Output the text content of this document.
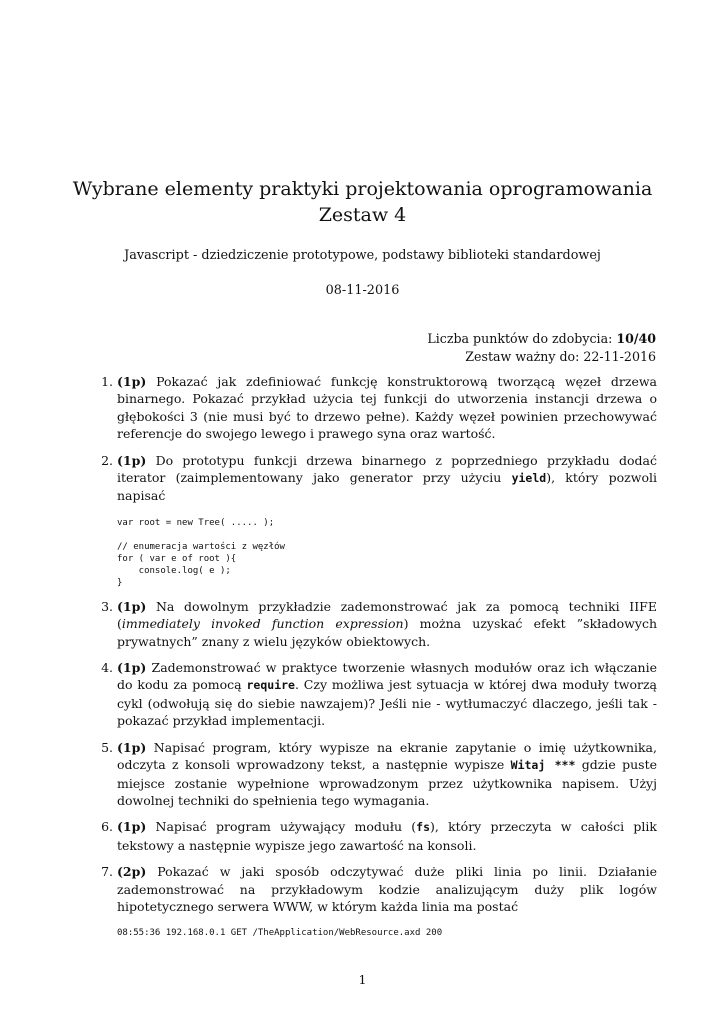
Wybrane elementy praktyki projektowania oprogramowania
Zestaw 4
Javascript - dziedziczenie prototypowe, podstawy biblioteki standardowej
08-11-2016
Liczba punktów do zdobycia: 10/40
Zestaw ważny do: 22-11-2016
1. (1p) Pokazać jak zdefiniować funkcję konstruktorową tworzącą węzeł drzewa binarnego. Pokazać przykład użycia tej funkcji do utworzenia instancji drzewa o głębokości 3 (nie musi być to drzewo pełne). Każdy węzeł powinien przechowywać referencje do swojego lewego i prawego syna oraz wartość.
2. (1p) Do prototypu funkcji drzewa binarnego z poprzedniego przykładu dodać iterator (zaimplementowany jako generator przy użyciu yield), który pozwoli napisać
var root = new Tree( ..... );

// enumeracja wartości z węzłów
for ( var e of root ){
console.log( e );
}
3. (1p) Na dowolnym przykładzie zademonstrować jak za pomocą techniki IIFE (immediately invoked function expression) można uzyskać efekt ”składowych prywatnych” znany z wielu języków obiektowych.
4. (1p) Zademonstrować w praktyce tworzenie własnych modułów oraz ich włączanie do kodu za pomocą require. Czy możliwa jest sytuacja w której dwa moduły tworzą cykl (odwołują się do siebie nawzajem)? Jeśli nie - wytłumaczyć dlaczego, jeśli tak - pokazać przykład implementacji.
5. (1p) Napisać program, który wypisze na ekranie zapytanie o imię użytkownika, odczyta z konsoli wprowadzony tekst, a następnie wypisze Witaj *** gdzie puste miejsce zostanie wypełnione wprowadzonym przez użytkownika napisem. Użyj dowolnej techniki do spełnienia tego wymagania.
6. (1p) Napisać program używający modułu (fs), który przeczyta w całości plik tekstowy a następnie wypisze jego zawartość na konsoli.
7. (2p) Pokazać w jaki sposób odczytywać duże pliki linia po linii. Działanie zademonstrować na przykładowym kodzie analizującym duży plik logów hipotetycznego serwera WWW, w którym każda linia ma postać
08:55:36 192.168.0.1 GET /TheApplication/WebResource.axd 200
1
